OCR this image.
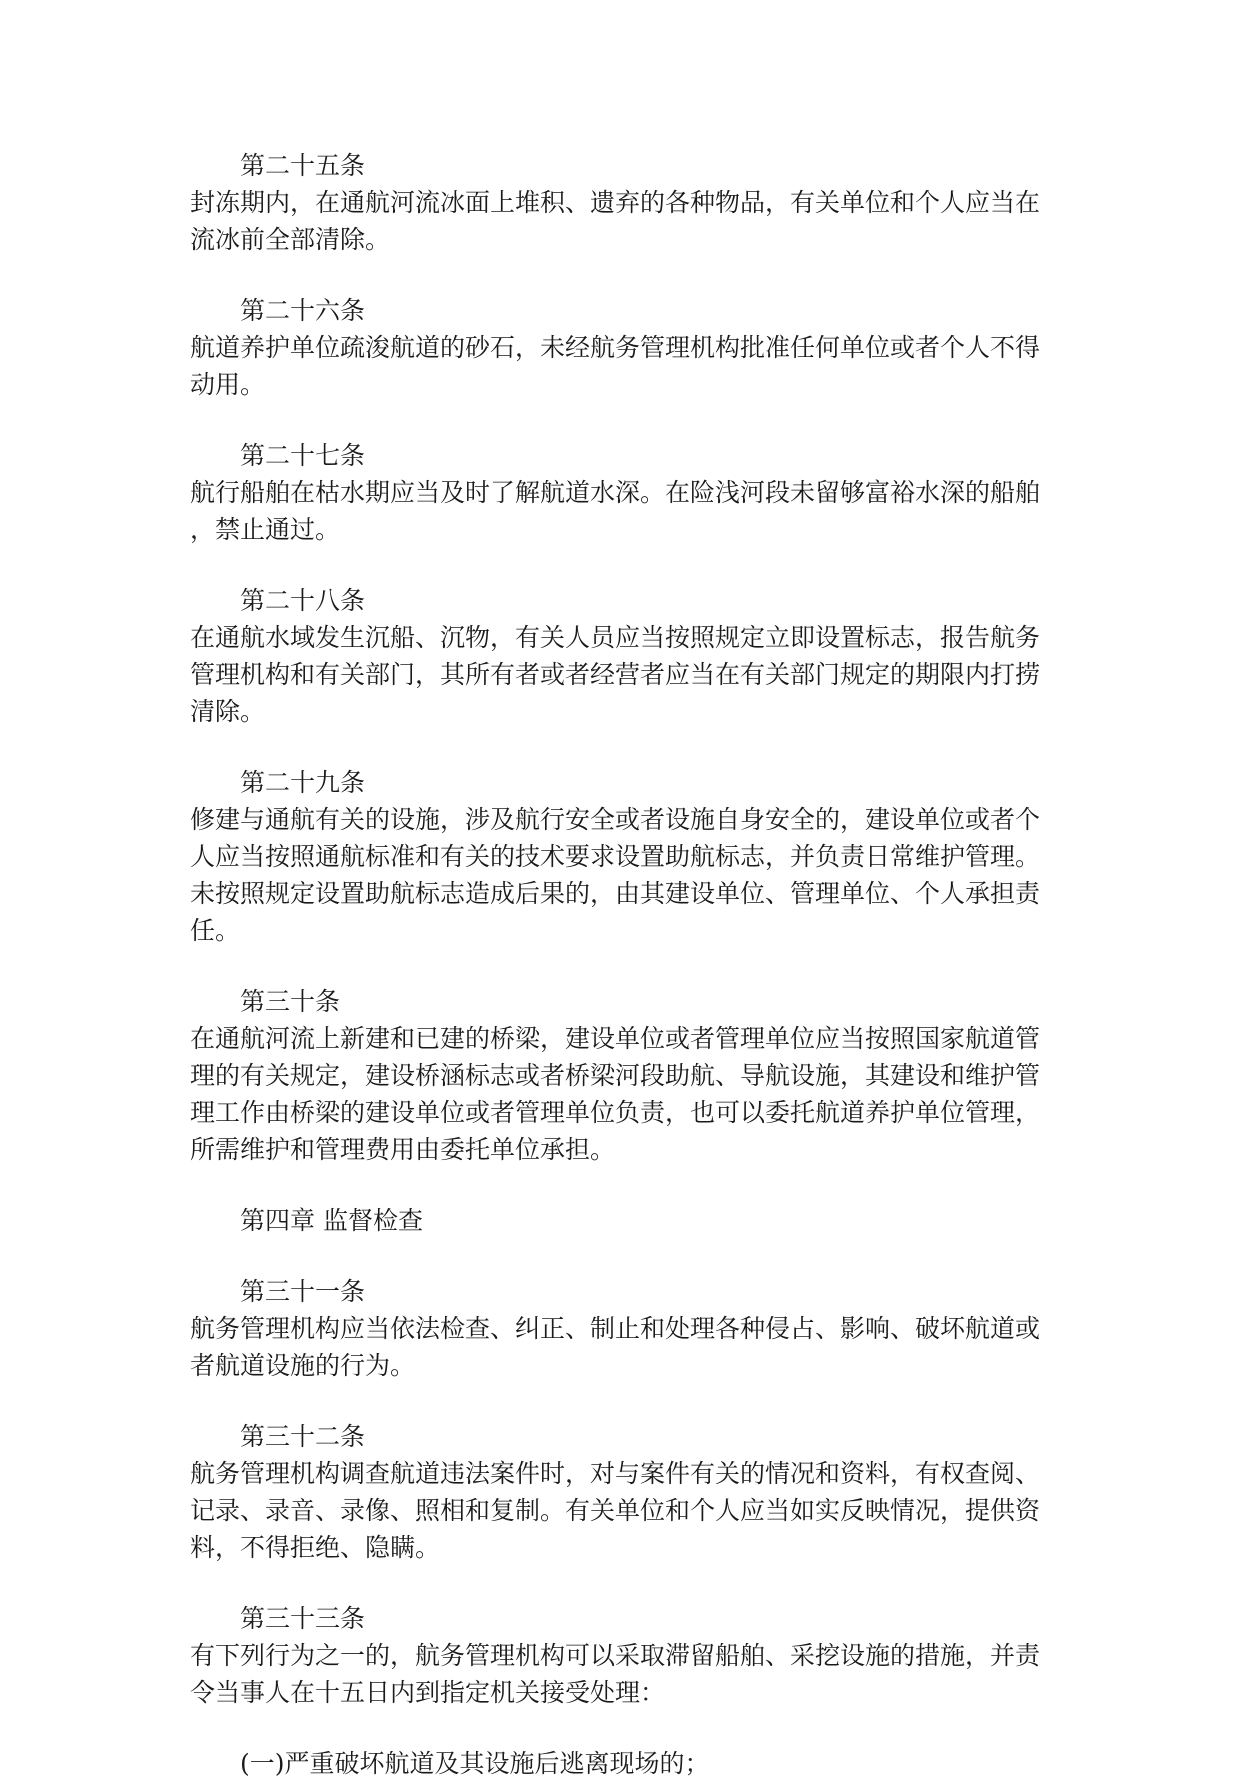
第二十五条
封冻期内，在通航河流冰面上堆积、遗弃的各种物品，有关单位和个人应当在
流冰前全部清除。
第二十六条
航道养护单位疏浚航道的砂石，未经航务管理机构批准任何单位或者个人不得
动用。
第二十七条
航行船舶在枯水期应当及时了解航道水深。在险浅河段未留够富裕水深的船舶
，禁止通过。
第二十八条
在通航水域发生沉船、沉物，有关人员应当按照规定立即设置标志，报告航务
管理机构和有关部门，其所有者或者经营者应当在有关部门规定的期限内打捞
清除。
第二十九条
修建与通航有关的设施，涉及航行安全或者设施自身安全的，建设单位或者个
人应当按照通航标准和有关的技术要求设置助航标志，并负责日常维护管理。
未按照规定设置助航标志造成后果的，由其建设单位、管理单位、个人承担责
任。
第三十条
在通航河流上新建和已建的桥梁，建设单位或者管理单位应当按照国家航道管
理的有关规定，建设桥涵标志或者桥梁河段助航、导航设施，其建设和维护管
理工作由桥梁的建设单位或者管理单位负责，也可以委托航道养护单位管理，
所需维护和管理费用由委托单位承担。
第四章 监督检查
第三十一条
航务管理机构应当依法检查、纠正、制止和处理各种侵占、影响、破坏航道或
者航道设施的行为。
第三十二条
航务管理机构调查航道违法案件时，对与案件有关的情况和资料，有权查阅、
记录、录音、录像、照相和复制。有关单位和个人应当如实反映情况，提供资
料，不得拒绝、隐瞒。
第三十三条
有下列行为之一的，航务管理机构可以采取滞留船舶、采挖设施的措施，并责
令当事人在十五日内到指定机关接受处理：
(一)严重破坏航道及其设施后逃离现场的；
